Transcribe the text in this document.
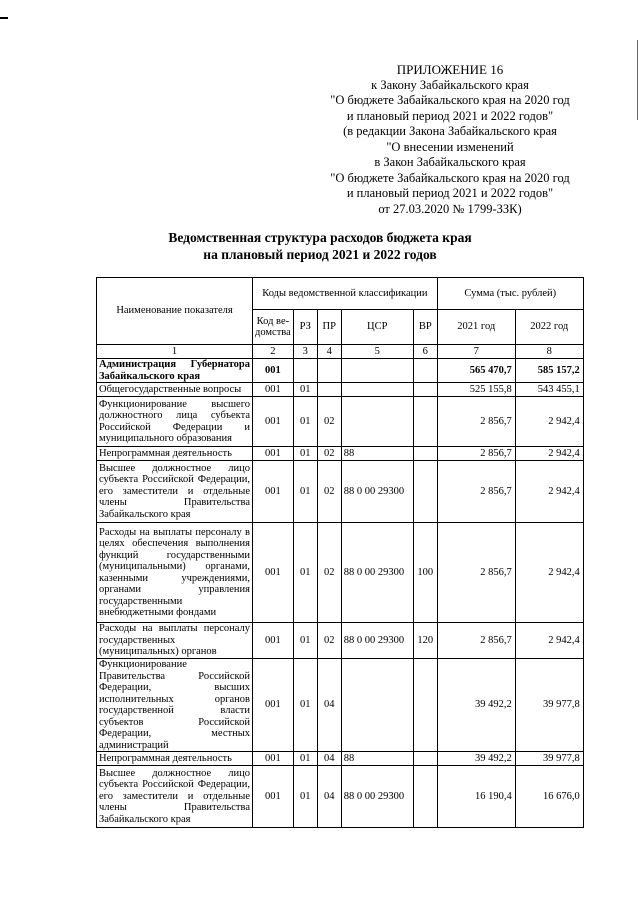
ПРИЛОЖЕНИЕ 16
к Закону Забайкальского края
"О бюджете Забайкальского края на 2020 год
и плановый период 2021 и 2022 годов"
(в редакции Закона Забайкальского края
"О внесении изменений
в Закон Забайкальского края
"О бюджете Забайкальского края на 2020 год
и плановый период 2021 и 2022 годов"
от 27.03.2020 № 1799-ЗЗК)
Ведомственная структура расходов бюджета края
на плановый период 2021 и 2022 годов
Наименование показателя	Коды ведомственной классификации					Сумма (тыс. рублей)	
	Код ве-домства	РЗ	ПР	ЦСР	ВР	2021 год	2022 год
1	2	3	4	5	6	7	8
Администрация Губернатора Забайкальского края	001					565 470,7	585 157,2
Общегосударственные вопросы	001	01				525 155,8	543 455,1
Функционирование высшего должностного лица субъекта Российской Федерации и муниципального образования	001	01	02			2 856,7	2 942,4
Непрограммная деятельность	001	01	02	88		2 856,7	2 942,4
Высшее должностное лицо субъекта Российской Федерации, его заместители и отдельные члены Правительства Забайкальского края	001	01	02	88 0 00 29300		2 856,7	2 942,4
Расходы на выплаты персоналу в целях обеспечения выполнения функций государственными (муниципальными) органами, казенными учреждениями, органами управления государственными внебюджетными фондами	001	01	02	88 0 00 29300	100	2 856,7	2 942,4
Расходы на выплаты персоналу государственных (муниципальных) органов	001	01	02	88 0 00 29300	120	2 856,7	2 942,4
Функционирование Правительства Российской Федерации, высших исполнительных органов государственной власти субъектов Российской Федерации, местных администраций	001	01	04			39 492,2	39 977,8
Непрограммная деятельность	001	01	04	88		39 492,2	39 977,8
Высшее должностное лицо субъекта Российской Федерации, его заместители и отдельные члены Правительства Забайкальского края	001	01	04	88 0 00 29300		16 190,4	16 676,0
